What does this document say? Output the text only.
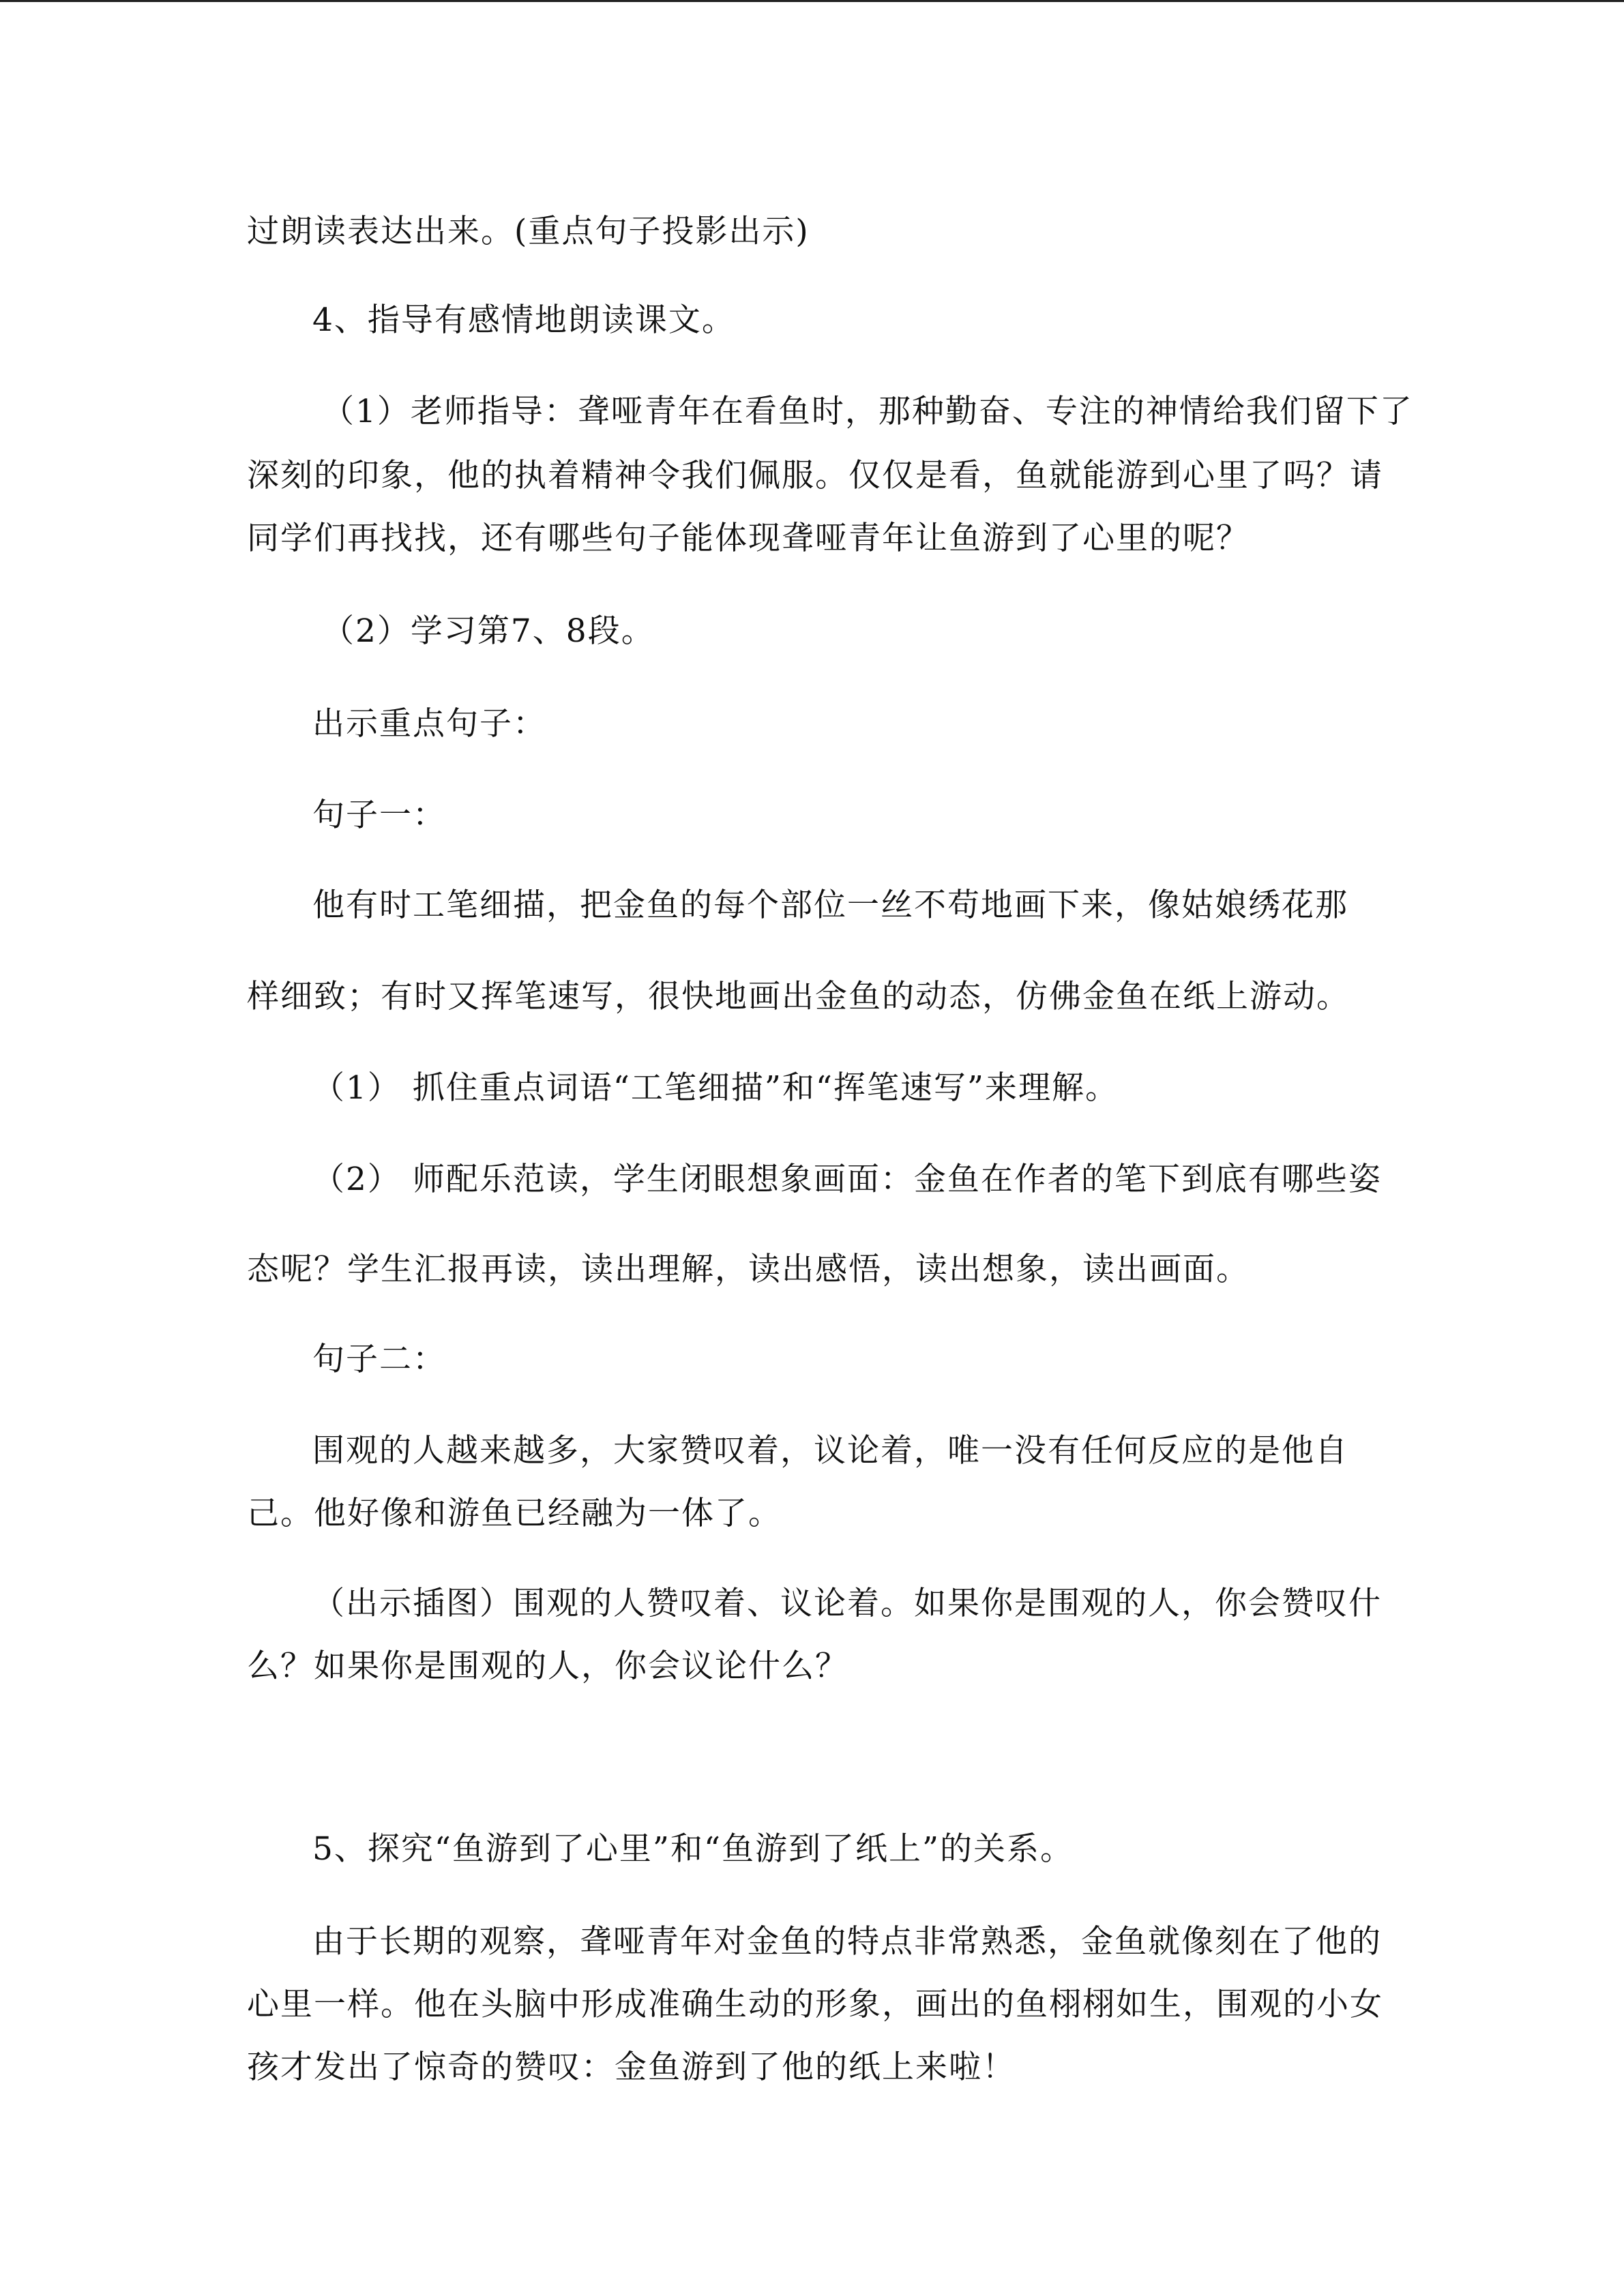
过朗读表达出来。(重点句子投影出示)
4、指导有感情地朗读课文。
（1）老师指导：聋哑青年在看鱼时，那种勤奋、专注的神情给我们留下了
深刻的印象，他的执着精神令我们佩服。仅仅是看，鱼就能游到心里了吗？请
同学们再找找，还有哪些句子能体现聋哑青年让鱼游到了心里的呢？
（2）学习第7、8段。
出示重点句子：
句子一：
他有时工笔细描，把金鱼的每个部位一丝不苟地画下来，像姑娘绣花那
样细致；有时又挥笔速写，很快地画出金鱼的动态，仿佛金鱼在纸上游动。
（1） 抓住重点词语“工笔细描”和“挥笔速写”来理解。
（2） 师配乐范读，学生闭眼想象画面：金鱼在作者的笔下到底有哪些姿
态呢？学生汇报再读，读出理解，读出感悟，读出想象，读出画面。
句子二：
围观的人越来越多，大家赞叹着，议论着，唯一没有任何反应的是他自
己。他好像和游鱼已经融为一体了。
（出示插图）围观的人赞叹着、议论着。如果你是围观的人，你会赞叹什
么？如果你是围观的人，你会议论什么？
5、探究“鱼游到了心里”和“鱼游到了纸上”的关系。
由于长期的观察，聋哑青年对金鱼的特点非常熟悉，金鱼就像刻在了他的
心里一样。他在头脑中形成准确生动的形象，画出的鱼栩栩如生，围观的小女
孩才发出了惊奇的赞叹：金鱼游到了他的纸上来啦！
